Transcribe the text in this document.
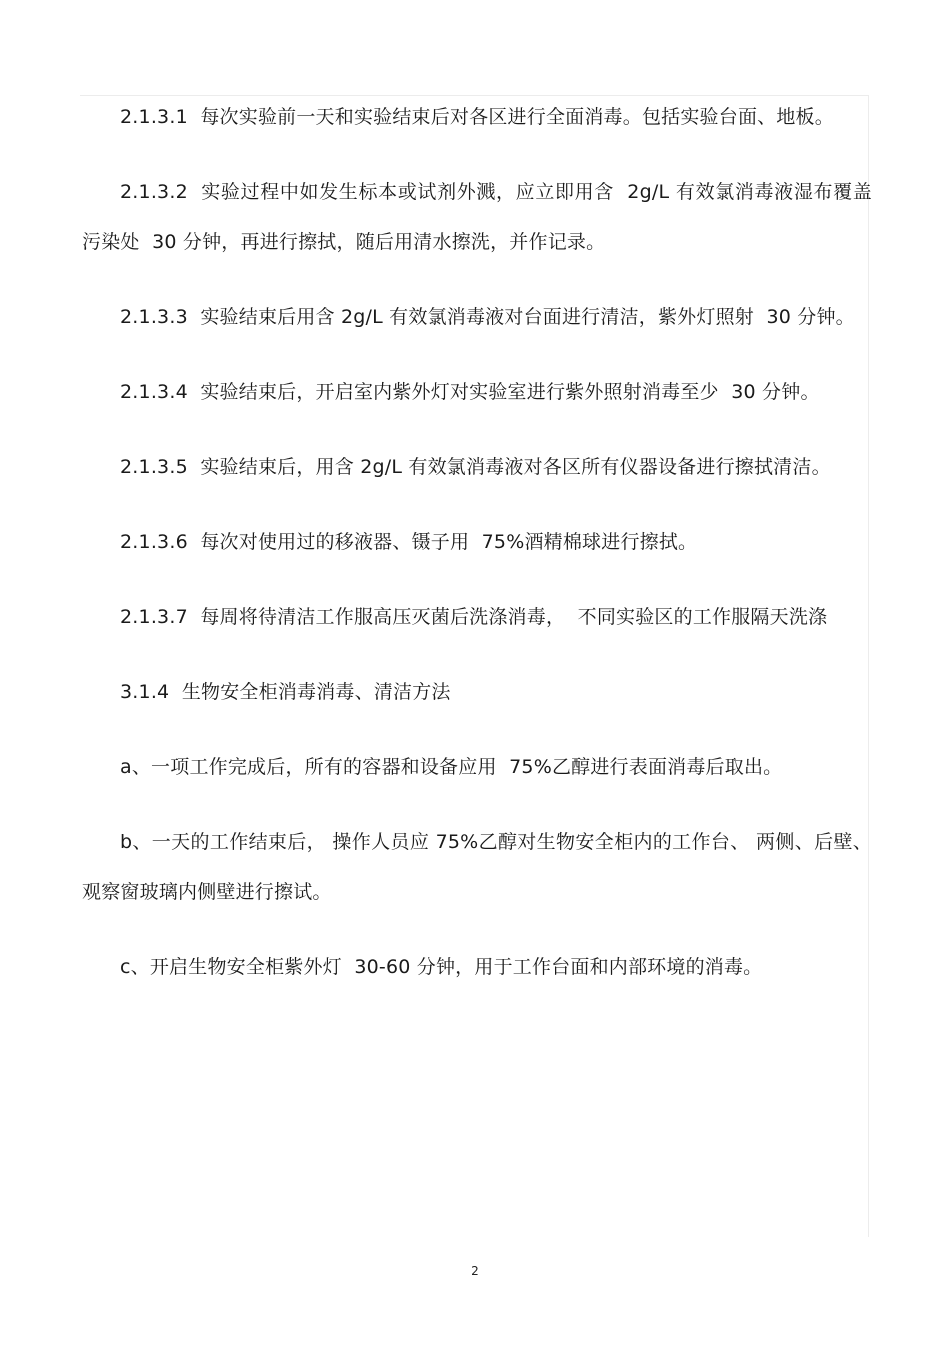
2.1.3.1  每次实验前一天和实验结束后对各区进行全面消毒。包括实验台面、地板。

2.1.3.2  实验过程中如发生标本或试剂外溅，应立即用含  2g/L 有效氯消毒液湿布覆盖污染处  30 分钟，再进行擦拭，随后用清水擦洗，并作记录。

2.1.3.3  实验结束后用含 2g/L 有效氯消毒液对台面进行清洁，紫外灯照射  30 分钟。

2.1.3.4  实验结束后，开启室内紫外灯对实验室进行紫外照射消毒至少  30 分钟。

2.1.3.5  实验结束后，用含 2g/L 有效氯消毒液对各区所有仪器设备进行擦拭清洁。

2.1.3.6  每次对使用过的移液器、镊子用  75%酒精棉球进行擦拭。

2.1.3.7  每周将待清洁工作服高压灭菌后洗涤消毒，  不同实验区的工作服隔天洗涤

3.1.4  生物安全柜消毒消毒、清洁方法

a、一项工作完成后，所有的容器和设备应用  75%乙醇进行表面消毒后取出。

b、一天的工作结束后， 操作人员应 75%乙醇对生物安全柜内的工作台、 两侧、后壁、观察窗玻璃内侧壁进行擦试。

c、开启生物安全柜紫外灯  30-60 分钟，用于工作台面和内部环境的消毒。

2
